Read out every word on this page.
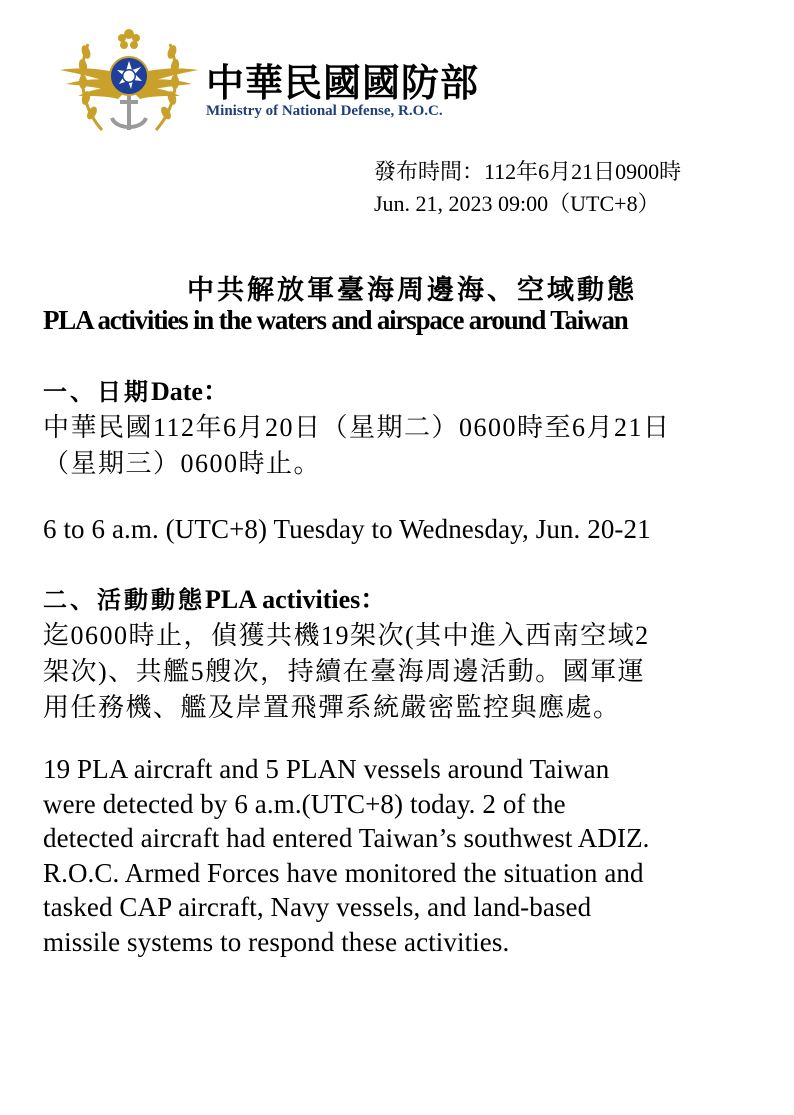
中華民國國防部
Ministry of National Defense, R.O.C.
發布時間：112年6月21日0900時
Jun. 21, 2023 09:00（UTC+8）
中共解放軍臺海周邊海、空域動態
PLA activities in the waters and airspace around Taiwan
一、日期Date：
中華民國112年6月20日（星期二）0600時至6月21日
（星期三）0600時止。
6 to 6 a.m. (UTC+8) Tuesday to Wednesday, Jun. 20-21
二、活動動態PLA activities：
迄0600時止，偵獲共機19架次(其中進入西南空域2
架次)、共艦5艘次，持續在臺海周邊活動。國軍運
用任務機、艦及岸置飛彈系統嚴密監控與應處。
19 PLA aircraft and 5 PLAN vessels around Taiwan
were detected by 6 a.m.(UTC+8) today. 2 of the
detected aircraft had entered Taiwan’s southwest ADIZ.
R.O.C. Armed Forces have monitored the situation and
tasked CAP aircraft, Navy vessels, and land-based
missile systems to respond these activities.
